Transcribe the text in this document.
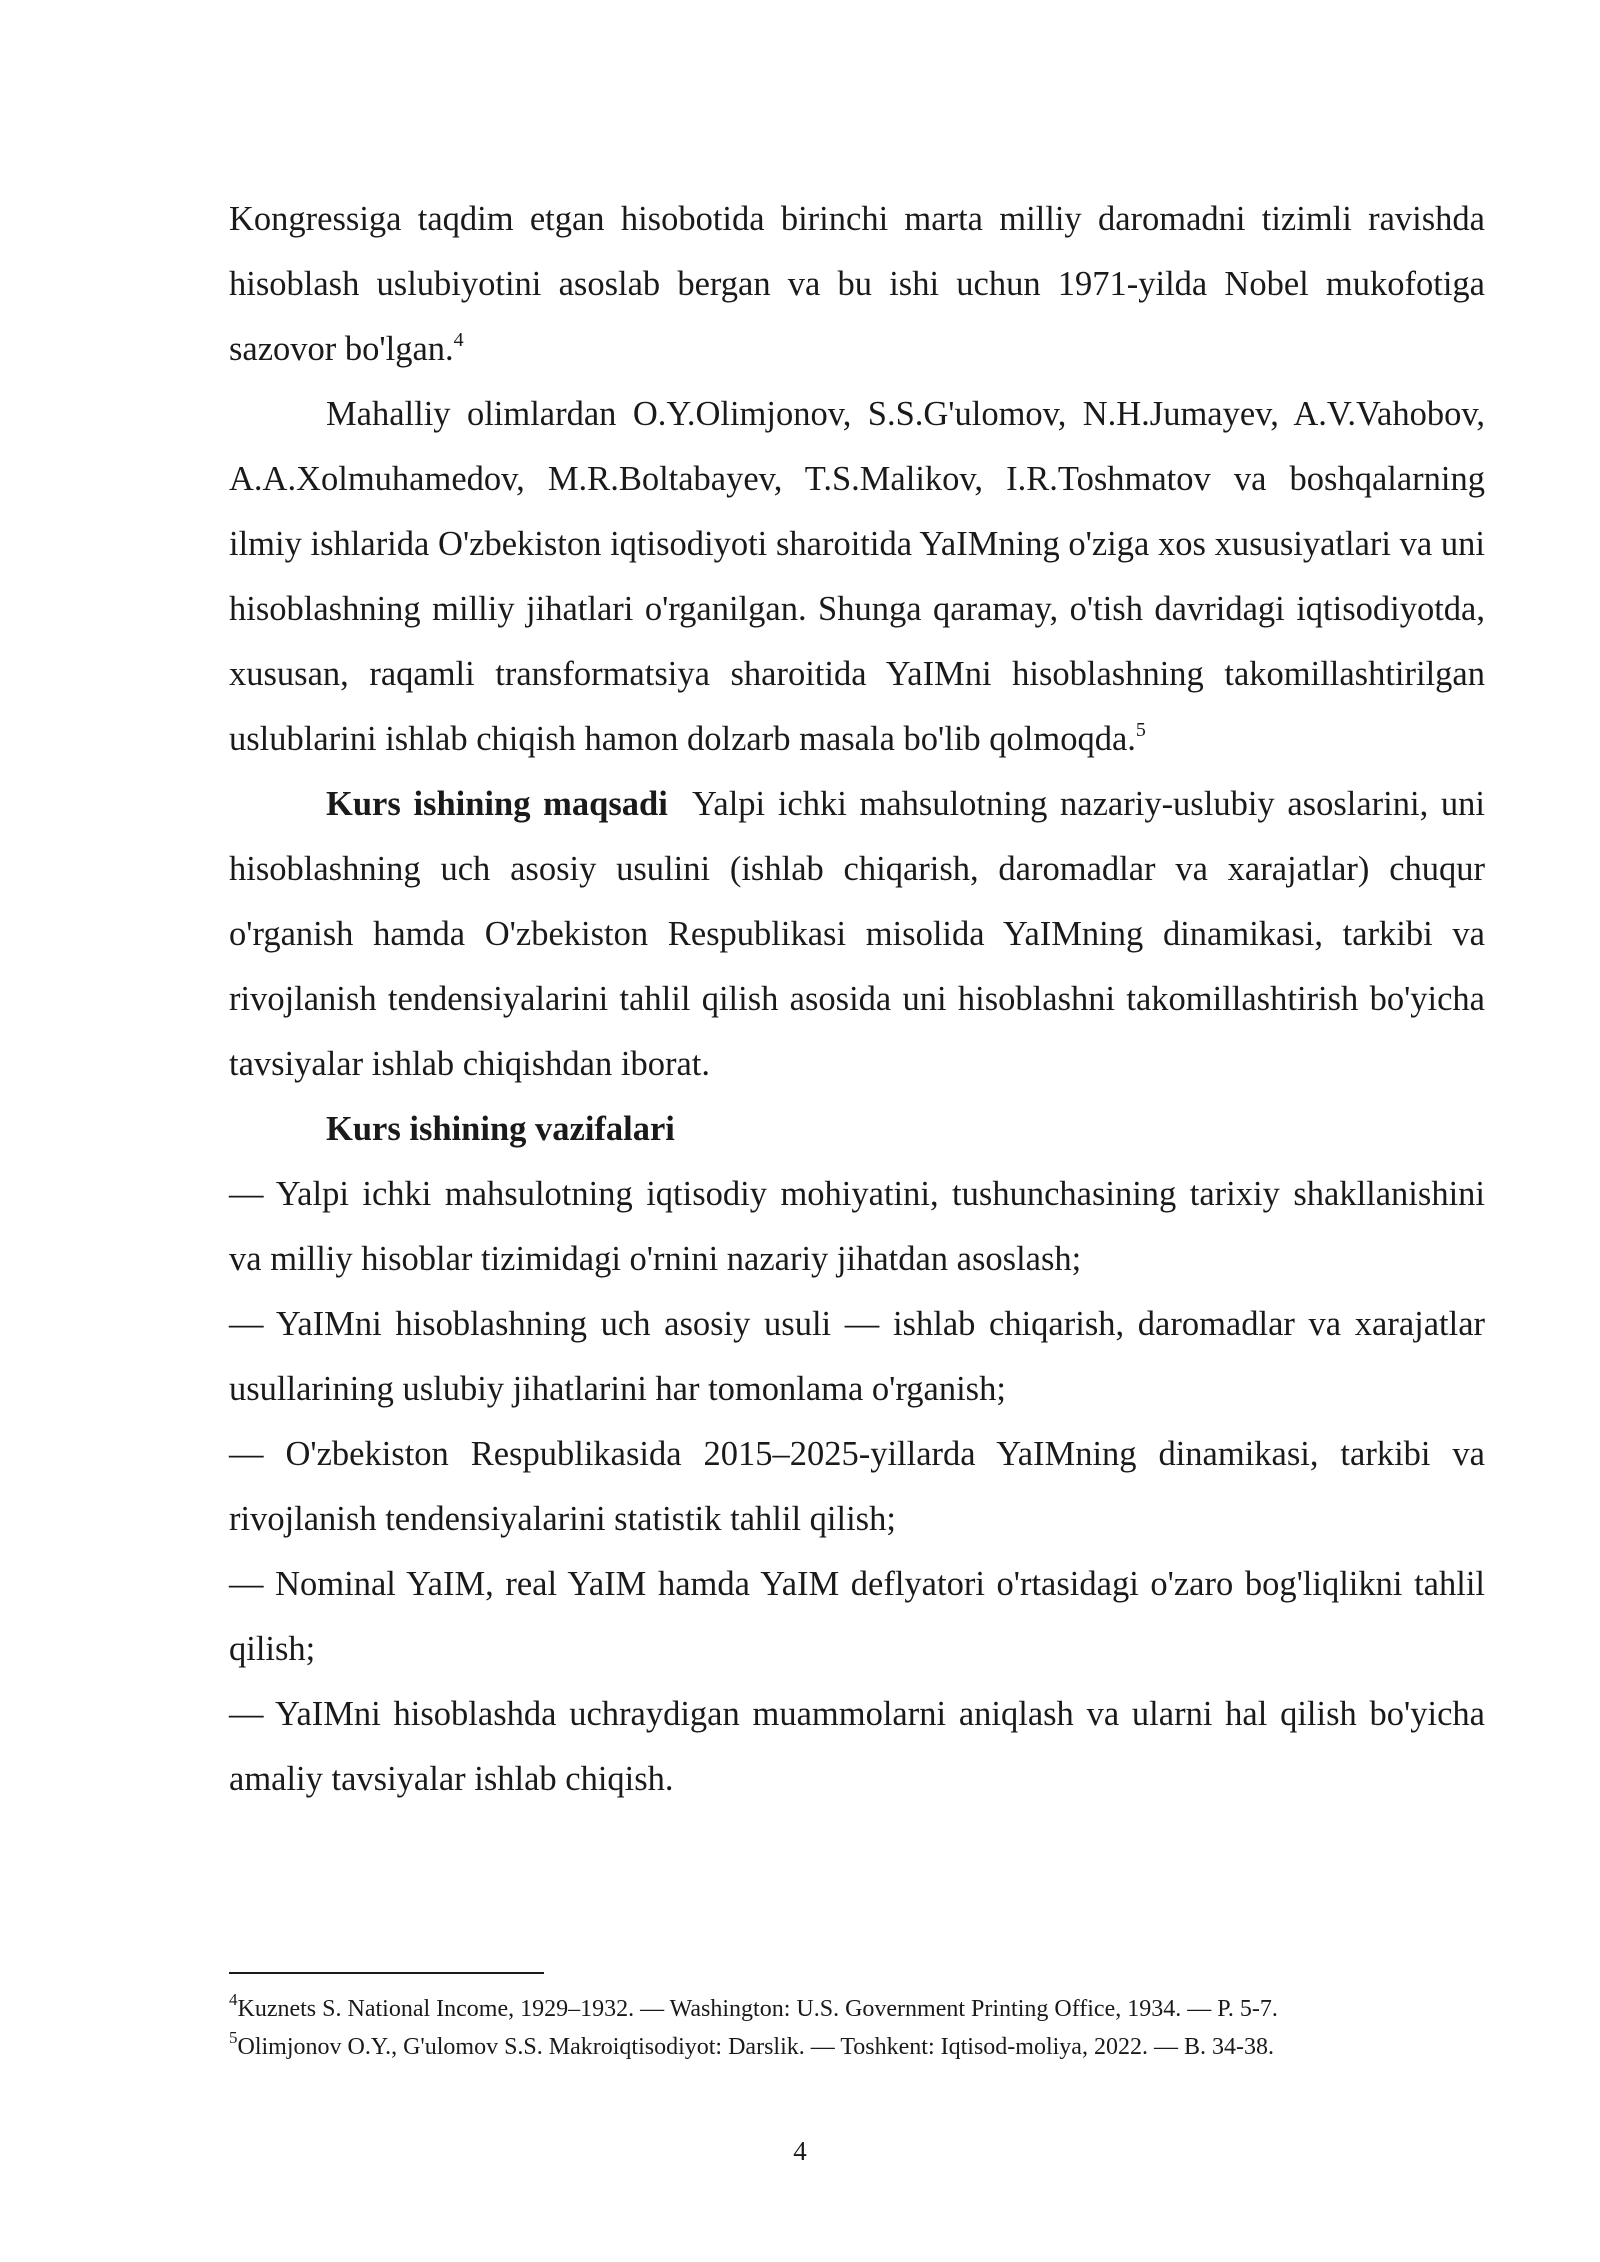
Kongressiga taqdim etgan hisobotida birinchi marta milliy daromadni tizimli ravishda hisoblash uslubiyotini asoslab bergan va bu ishi uchun 1971-yilda Nobel mukofotiga sazovor bo'lgan.$^4$

Mahalliy olimlardan O.Y.Olimjonov, S.S.G'ulomov, N.H.Jumayev, A.V.Vahobov, A.A.Xolmuhamedov, M.R.Boltabayev, T.S.Malikov, I.R.Toshmatov va boshqalarning ilmiy ishlarida O'zbekiston iqtisodiyoti sharoitida YaIMning o'ziga xos xususiyatlari va uni hisoblashning milliy jihatlari o'rganilgan. Shunga qaramay, o'tish davridagi iqtisodiyotda, xususan, raqamli transformatsiya sharoitida YaIMni hisoblashning takomillashtirilgan uslublarini ishlab chiqish hamon dolzarb masala bo'lib qolmoqda.$^5$

Kurs ishining maqsadi Yalpi ichki mahsulotning nazariy-uslubiy asoslarini, uni hisoblashning uch asosiy usulini (ishlab chiqarish, daromadlar va xarajatlar) chuqur o'rganish hamda O'zbekiston Respublikasi misolida YaIMning dinamikasi, tarkibi va rivojlanish tendensiyalarini tahlil qilish asosida uni hisoblashni takomillashtirish bo'yicha tavsiyalar ishlab chiqishdan iborat.

Kurs ishining vazifalari

— Yalpi ichki mahsulotning iqtisodiy mohiyatini, tushunchasining tarixiy shakllanishini va milliy hisoblar tizimidagi o'rnini nazariy jihatdan asoslash;

— YaIMni hisoblashning uch asosiy usuli — ishlab chiqarish, daromadlar va xarajatlar usullarining uslubiy jihatlarini har tomonlama o'rganish;

— O'zbekiston Respublikasida 2015–2025-yillarda YaIMning dinamikasi, tarkibi va rivojlanish tendensiyalarini statistik tahlil qilish;

— Nominal YaIM, real YaIM hamda YaIM deflyatori o'rtasidagi o'zaro bog'liqlikni tahlil qilish;

— YaIMni hisoblashda uchraydigan muammolarni aniqlash va ularni hal qilish bo'yicha amaliy tavsiyalar ishlab chiqish.

$^4$Kuznets S. National Income, 1929–1932. — Washington: U.S. Government Printing Office, 1934. — P. 5-7.

$^5$Olimjonov O.Y., G'ulomov S.S. Makroiqtisodiyot: Darslik. — Toshkent: Iqtisod-moliya, 2022. — B. 34-38.

4
